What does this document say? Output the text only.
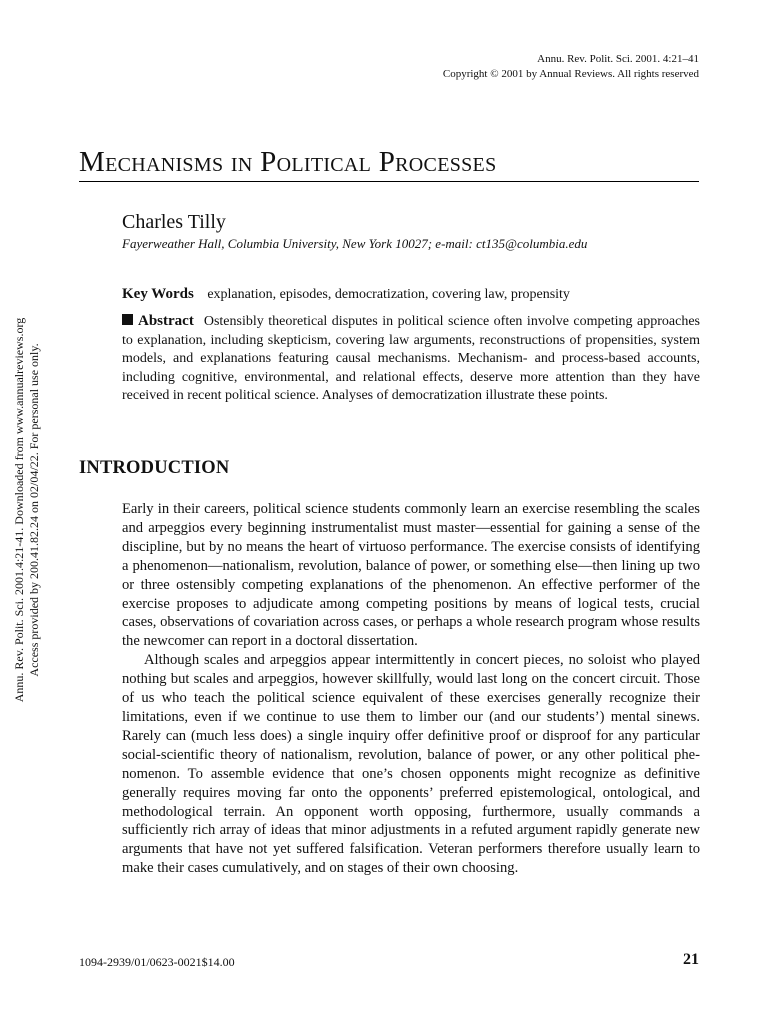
Annu. Rev. Polit. Sci. 2001. 4:21–41
Copyright © 2001 by Annual Reviews. All rights reserved
Mechanisms in Political Processes
Charles Tilly
Fayerweather Hall, Columbia University, New York 10027; e-mail: ct135@columbia.edu
Key Words explanation, episodes, democratization, covering law, propensity
Abstract Ostensibly theoretical disputes in political science often involve competing approaches to explanation, including skepticism, covering law arguments, reconstructions of propensities, system models, and explanations featuring causal mechanisms. Mechanism- and process-based accounts, including cognitive, environmental, and relational effects, deserve more attention than they have received in recent political science. Analyses of democratization illustrate these points.
INTRODUCTION

Early in their careers, political science students commonly learn an exercise resembling the scales and arpeggios every beginning instrumentalist must master—essential for gaining a sense of the discipline, but by no means the heart of virtuoso performance. The exercise consists of identifying a phenomenon—nationalism, revolution, balance of power, or something else—then lining up two or three ostensibly competing explanations of the phenomenon. An effective performer of the exercise proposes to adjudicate among competing positions by means of logical tests, crucial cases, observations of covariation across cases, or perhaps a whole research program whose results the newcomer can report in a doctoral dissertation.

Although scales and arpeggios appear intermittently in concert pieces, no soloist who played nothing but scales and arpeggios, however skillfully, would last long on the concert circuit. Those of us who teach the political science equivalent of these exercises generally recognize their limitations, even if we continue to use them to limber our (and our students’) mental sinews. Rarely can (much less does) a single inquiry offer definitive proof or disproof for any particular social-scientific theory of nationalism, revolution, balance of power, or any other political phenomenon. To assemble evidence that one’s chosen opponents might recognize as definitive generally requires moving far onto the opponents’ preferred epistemological, ontological, and methodological terrain. An opponent worth opposing, furthermore, usually commands a sufficiently rich array of ideas that minor adjustments in a refuted argument rapidly generate new arguments that have not yet suffered falsification. Veteran performers therefore usually learn to make their cases cumulatively, and on stages of their own choosing.

1094-2939/01/0623-0021$14.00	21
Annu. Rev. Polit. Sci. 2001.4:21-41. Downloaded from www.annualreviews.org Access provided by 200.41.82.24 on 02/04/22. For personal use only.
